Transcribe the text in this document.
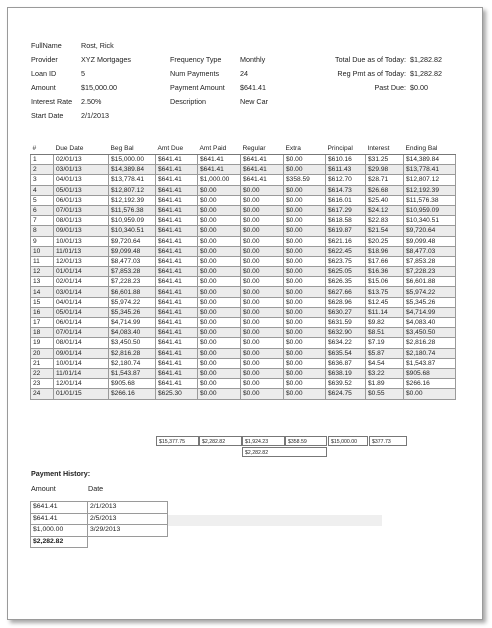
FullName	Rost, Rick
Provider	XYZ Mortgages
Loan ID	5
Amount	$15,000.00
Interest Rate 2.50%
Start Date 2/1/2013
Frequency Type	Monthly
Num Payments	24
Payment Amount $641.41
Description	New Car
Total Due as of Today: $1,282.82
Reg Pmt as of Today: $1,282.82
Past Due: $0.00
#	Due Date	Beg Bal	Amt Due	Amt Paid	Regular	Extra	Principal	Interest	Ending Bal
1	02/01/13	$15,000.00	$641.41	$641.41	$641.41	$0.00	$610.16	$31.25	$14,389.84
2	03/01/13	$14,389.84	$641.41	$641.41	$641.41	$0.00	$611.43	$29.98	$13,778.41
3	04/01/13	$13,778.41	$641.41	$1,000.00	$641.41	$358.59	$612.70	$28.71	$12,807.12
4	05/01/13	$12,807.12	$641.41	$0.00	$0.00	$0.00	$614.73	$26.68	$12,192.39
5	06/01/13	$12,192.39	$641.41	$0.00	$0.00	$0.00	$616.01	$25.40	$11,576.38
6	07/01/13	$11,576.38	$641.41	$0.00	$0.00	$0.00	$617.29	$24.12	$10,959.09
7	08/01/13	$10,959.09	$641.41	$0.00	$0.00	$0.00	$618.58	$22.83	$10,340.51
8	09/01/13	$10,340.51	$641.41	$0.00	$0.00	$0.00	$619.87	$21.54	$9,720.64
9	10/01/13	$9,720.64	$641.41	$0.00	$0.00	$0.00	$621.16	$20.25	$9,099.48
10	11/01/13	$9,099.48	$641.41	$0.00	$0.00	$0.00	$622.45	$18.96	$8,477.03
11	12/01/13	$8,477.03	$641.41	$0.00	$0.00	$0.00	$623.75	$17.66	$7,853.28
12	01/01/14	$7,853.28	$641.41	$0.00	$0.00	$0.00	$625.05	$16.36	$7,228.23
13	02/01/14	$7,228.23	$641.41	$0.00	$0.00	$0.00	$626.35	$15.06	$6,601.88
14	03/01/14	$6,601.88	$641.41	$0.00	$0.00	$0.00	$627.66	$13.75	$5,974.22
15	04/01/14	$5,974.22	$641.41	$0.00	$0.00	$0.00	$628.96	$12.45	$5,345.26
16	05/01/14	$5,345.26	$641.41	$0.00	$0.00	$0.00	$630.27	$11.14	$4,714.99
17	06/01/14	$4,714.99	$641.41	$0.00	$0.00	$0.00	$631.59	$9.82	$4,083.40
18	07/01/14	$4,083.40	$641.41	$0.00	$0.00	$0.00	$632.90	$8.51	$3,450.50
19	08/01/14	$3,450.50	$641.41	$0.00	$0.00	$0.00	$634.22	$7.19	$2,816.28
20	09/01/14	$2,816.28	$641.41	$0.00	$0.00	$0.00	$635.54	$5.87	$2,180.74
21	10/01/14	$2,180.74	$641.41	$0.00	$0.00	$0.00	$636.87	$4.54	$1,543.87
22	11/01/14	$1,543.87	$641.41	$0.00	$0.00	$0.00	$638.19	$3.22	$905.68
23	12/01/14	$905.68	$641.41	$0.00	$0.00	$0.00	$639.52	$1.89	$266.16
24	01/01/15	$266.16	$625.30	$0.00	$0.00	$0.00	$624.75	$0.55	$0.00
$15,377.75	$2,282.82	$1,924.23	$358.59	$15,000.00	$377.73
$2,282.82
Payment History:
Amount	Date
$641.41	2/1/2013
$641.41	2/5/2013
$1,000.00	3/29/2013
$2,282.82	
